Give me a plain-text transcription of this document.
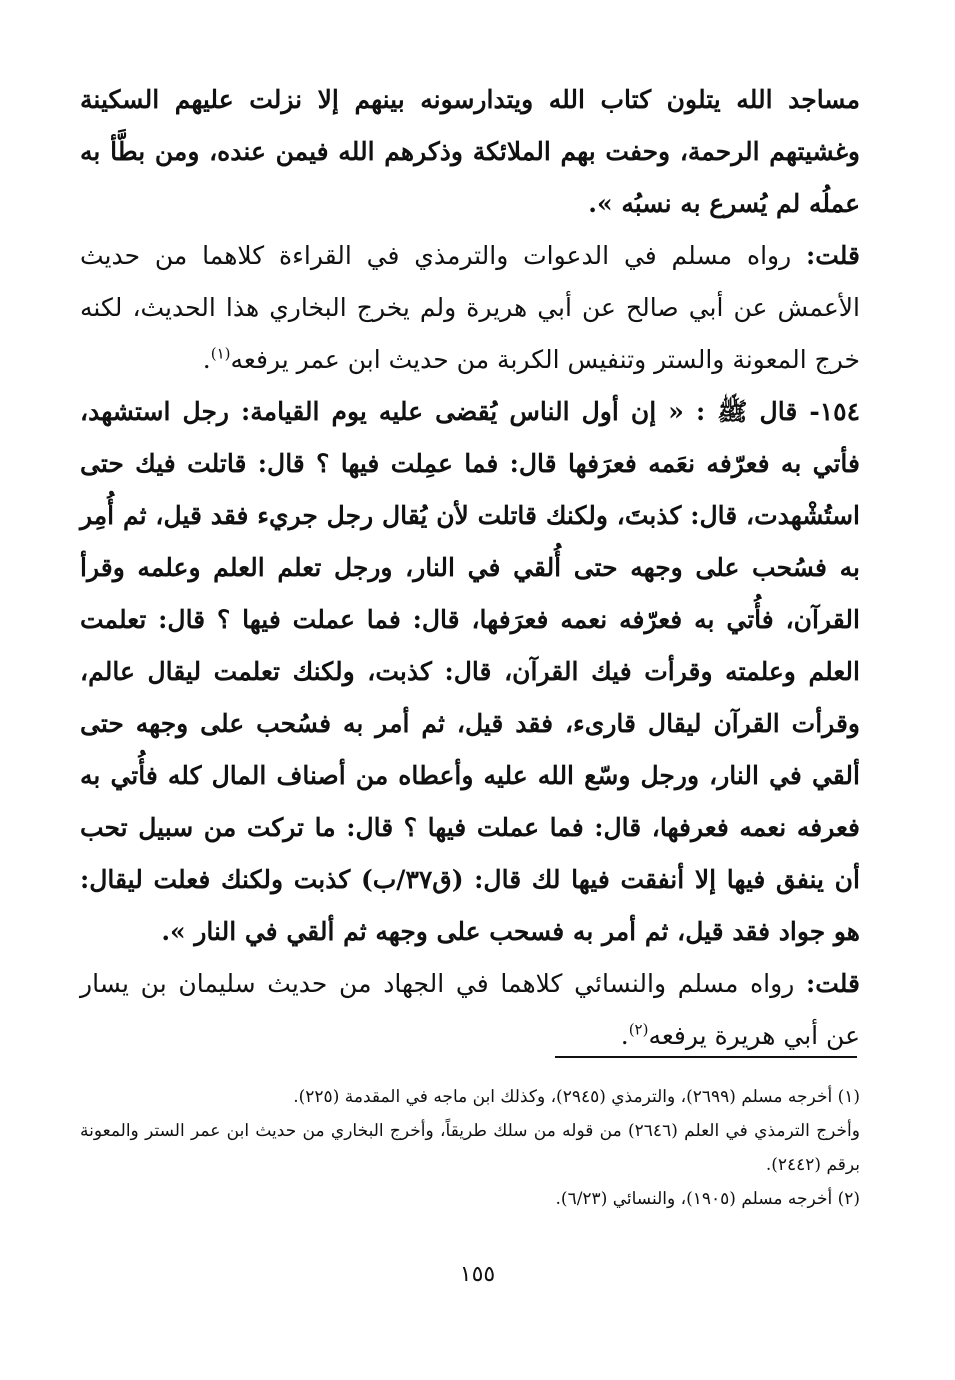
مساجد الله يتلون كتاب الله ويتدارسونه بينهم إلا نزلت عليهم السكينة وغشيتهم الرحمة، وحفت بهم الملائكة وذكرهم الله فيمن عنده، ومن بطَّأ به عملُه لم يُسرع به نسبُه ».

قلت: رواه مسلم في الدعوات والترمذي في القراءة كلاهما من حديث الأعمش عن أبي صالح عن أبي هريرة ولم يخرج البخاري هذا الحديث، لكنه خرج المعونة والستر وتنفيس الكربة من حديث ابن عمر يرفعه$^{(١)}$.

١٥٤- قال ﷺ : « إن أول الناس يُقضى عليه يوم القيامة: رجل استشهد، فأتي به فعرّفه نعَمه فعرَفها قال: فما عمِلت فيها ؟ قال: قاتلت فيك حتى استُشْهدت، قال: كذبتَ، ولكنك قاتلت لأن يُقال رجل جريء فقد قيل، ثم أُمِر به فسُحب على وجهه حتى أُلقي في النار، ورجل تعلم العلم وعلمه وقرأ القرآن، فأُتي به فعرّفه نعمه فعرَفها، قال: فما عملت فيها ؟ قال: تعلمت العلم وعلمته وقرأت فيك القرآن، قال: كذبت، ولكنك تعلمت ليقال عالم، وقرأت القرآن ليقال قارىء، فقد قيل، ثم أمر به فسُحب على وجهه حتى ألقي في النار، ورجل وسّع الله عليه وأعطاه من أصناف المال كله فأُتي به فعرفه نعمه فعرفها، قال: فما عملت فيها ؟ قال: ما تركت من سبيل تحب أن ينفق فيها إلا أنفقت فيها لك قال: (ق٣٧/ب) كذبت ولكنك فعلت ليقال: هو جواد فقد قيل، ثم أمر به فسحب على وجهه ثم ألقي في النار ».

قلت: رواه مسلم والنسائي كلاهما في الجهاد من حديث سليمان بن يسار عن أبي هريرة يرفعه$^{(٢)}$.

(١) أخرجه مسلم (٢٦٩٩)، والترمذي (٢٩٤٥)، وكذلك ابن ماجه في المقدمة (٢٢٥).

وأخرج الترمذي في العلم (٢٦٤٦) من قوله من سلك طريقاً، وأخرج البخاري من حديث ابن عمر الستر والمعونة برقم (٢٤٤٢).

(٢) أخرجه مسلم (١٩٠٥)، والنسائي (٦/٢٣).

١٥٥
